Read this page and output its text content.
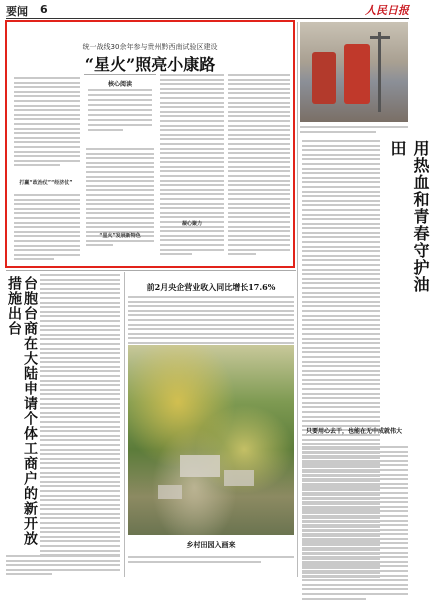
要闻 6	人民日报
统一战线30余年参与贵州黔西南试验区建设
“星火”照亮小康路
打赢“政治仗”“经济仗”
核心阅读
“星火”发展新特色
凝心聚力	用热血和青春守护油田
只要用心去干，也能在无中成就伟大
台胞台商在大陆申请个体工商户的新开放措施出台	前2月央企营业收入同比增长17.6%
乡村田园入画来
